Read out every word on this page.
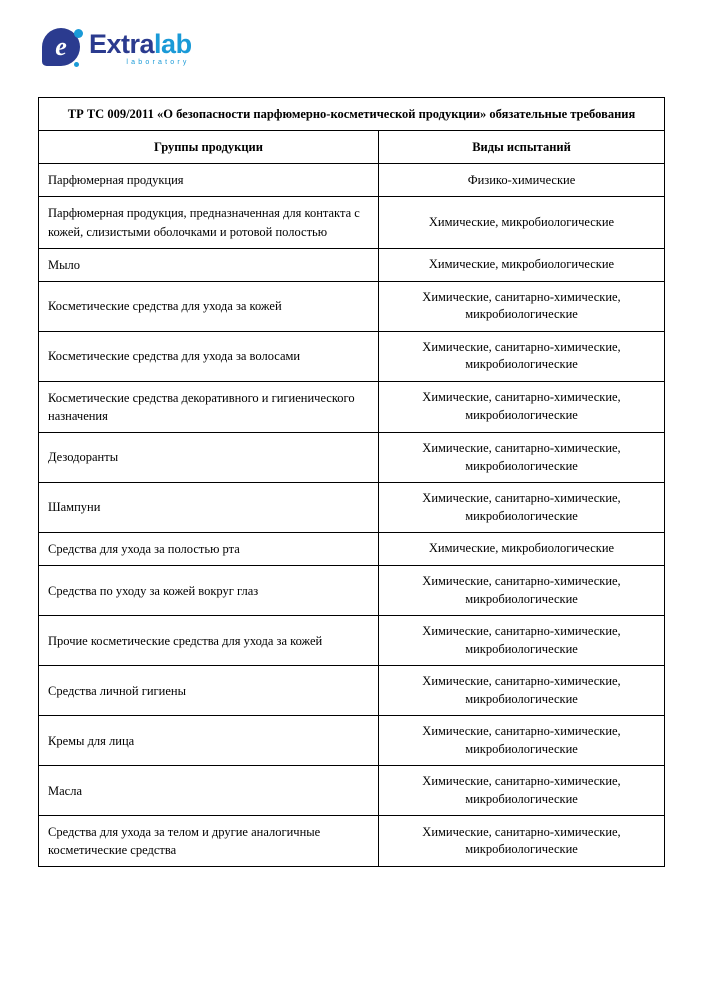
e Extralab
laboratory
ТР ТС 009/2011 «О безопасности парфюмерно-косметической продукции» обязательные требования	
Группы продукции	Виды испытаний
Парфюмерная продукция	Физико-химические
Парфюмерная продукция, предназначенная для контакта с кожей, слизистыми оболочками и ротовой полостью	Химические, микробиологические
Мыло	Химические, микробиологические
Косметические средства для ухода за кожей	Химические, санитарно-химические, микробиологические
Косметические средства для ухода за волосами	Химические, санитарно-химические, микробиологические
Косметические средства декоративного и гигиенического назначения	Химические, санитарно-химические, микробиологические
Дезодоранты	Химические, санитарно-химические, микробиологические
Шампуни	Химические, санитарно-химические, микробиологические
Средства для ухода за полостью рта	Химические, микробиологические
Средства по уходу за кожей вокруг глаз	Химические, санитарно-химические, микробиологические
Прочие косметические средства для ухода за кожей	Химические, санитарно-химические, микробиологические
Средства личной гигиены	Химические, санитарно-химические, микробиологические
Кремы для лица	Химические, санитарно-химические, микробиологические
Масла	Химические, санитарно-химические, микробиологические
Средства для ухода за телом и другие аналогичные косметические средства	Химические, санитарно-химические, микробиологические
